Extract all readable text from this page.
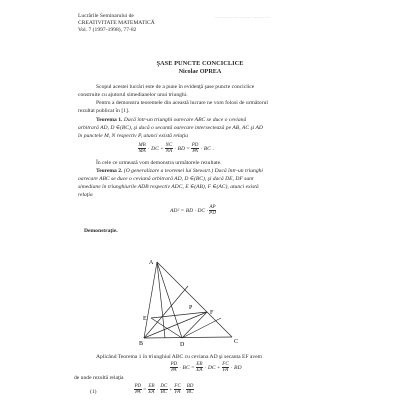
— — — — — — — — —
Lucrările Seminarului de
CREATIVITATE MATEMATICĂ
Vol. 7 (1997-1998), 77-82
ŞASE PUNCTE CONCICLICE
Nicolae OPREA
Scopul acestei lucrări este de a pune în evidenţă şase puncte conciclice
construite cu ajutorul simedianelor unui triunghi.
Pentru a demonstra teoremele din această lucrare ne vom folosi de următorul
rezultat publicat în [1].
Teorema 1. Dacă într-un triunghi oarecare ABC se duce o ceviană
arbitrară AD, D ∈(BC), şi dacă o secantă oarecare intersectează pe AB, AC şi AD
în punctele M, N respectiv P, atunci există relaţia
$\frac{MB}{MA}$ · DC + $\frac{NC}{NA}$ · BD = $\frac{PD}{PA}$ · BC .
În cele ce urmează vom demonstra următorele rezultate.
Teorema 2. (O generalizare a teoremei lui Stewart.) Dacă într-un triunghi
oarecare ABC se duce o ceviană arbitrară AD, D ∈(BC), şi dacă DE, DF sunt
simediane în triunghiurile ADB respectiv ADC, E ∈(AB), F ∈(AC), atunci există
relaţia
AD² = BD · DC · $\frac{AP}{PD}$
Demonstraţie.
A
E
F
P
B	C
D
Aplicând Teorema 1 în triunghiul ABC cu ceviana AD şi secanta EF avem
$\frac{PD}{PA}$ · BC = $\frac{EB}{EA}$ · DC + $\frac{FC}{FA}$ · BD
de unde rezultă relaţia
(1)	$\frac{PD}{PA} = \frac{EB}{EA} \cdot \frac{DC}{BC} + \frac{FC}{FA} \cdot \frac{BD}{BC}$
